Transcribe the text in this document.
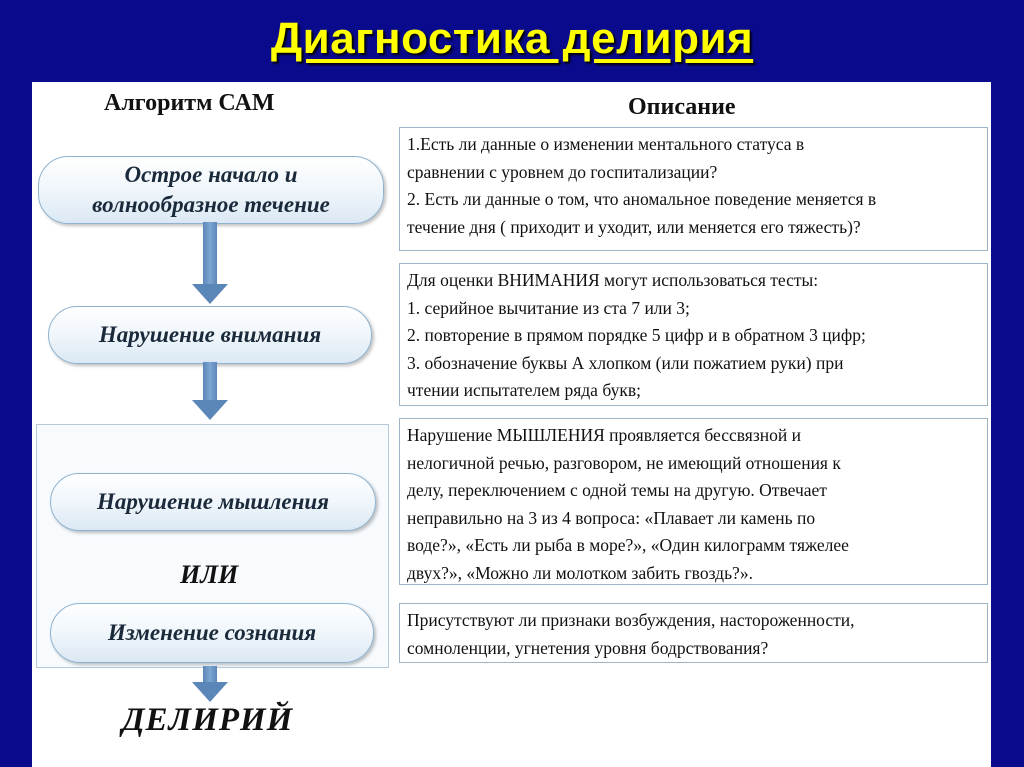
Диагностика делирия
Алгоритм САМ	Описание
Острое начало и
волнообразное течение
Нарушение внимания
Нарушение мышления
ИЛИ
Изменение сознания
ДЕЛИРИЙ
1.Есть ли данные о изменении ментального статуса в
сравнении с уровнем до госпитализации?
2. Есть ли данные о том, что аномальное поведение меняется в
течение дня ( приходит и уходит, или меняется его тяжесть)?
Для оценки ВНИМАНИЯ могут использоваться тесты:
1. серийное вычитание из ста 7 или 3;
2. повторение в прямом порядке 5 цифр и в обратном 3 цифр;
3. обозначение буквы А хлопком (или пожатием руки) при
чтении испытателем ряда букв;
Нарушение МЫШЛЕНИЯ проявляется бессвязной и
нелогичной речью, разговором, не имеющий отношения к
делу, переключением с одной темы на другую. Отвечает
неправильно на 3 из 4 вопроса: «Плавает ли камень по
воде?», «Есть ли рыба в море?», «Один килограмм тяжелее
двух?», «Можно ли молотком забить гвоздь?».
Присутствуют ли признаки возбуждения, настороженности,
сомноленции, угнетения уровня бодрствования?
